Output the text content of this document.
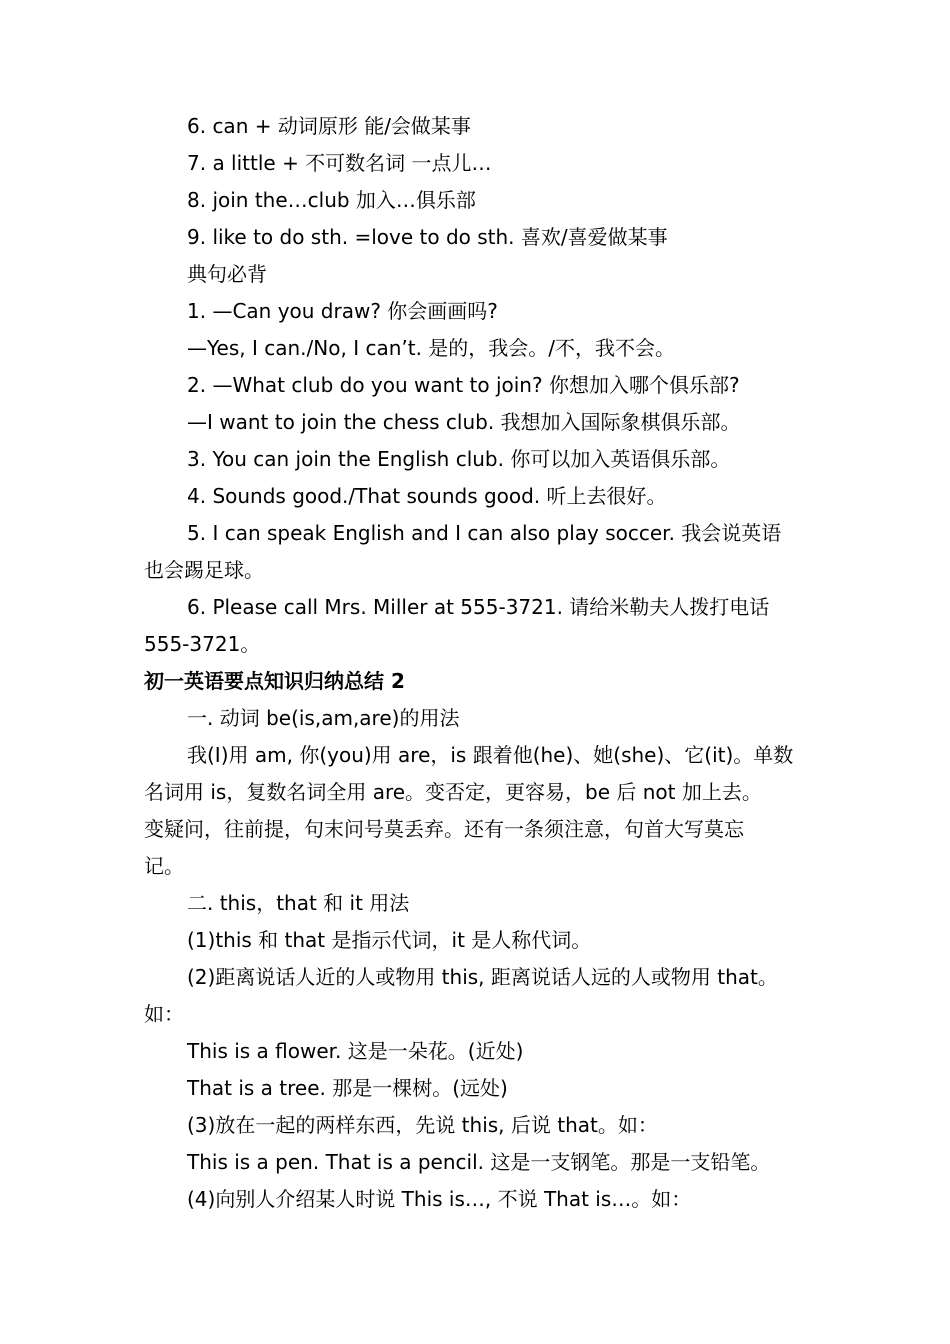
6. can + 动词原形 能/会做某事
7. a little + 不可数名词 一点儿…
8. join the…club 加入…俱乐部
9. like to do sth. =love to do sth. 喜欢/喜爱做某事
典句必背
1. —Can you draw? 你会画画吗?
—Yes, I can./No, I can’t. 是的，我会。/不，我不会。
2. —What club do you want to join? 你想加入哪个俱乐部?
—I want to join the chess club. 我想加入国际象棋俱乐部。
3. You can join the English club. 你可以加入英语俱乐部。
4. Sounds good./That sounds good. 听上去很好。
5. I can speak English and I can also play soccer. 我会说英语
也会踢足球。
6. Please call Mrs. Miller at 555-3721. 请给米勒夫人拨打电话
555-3721。
初一英语要点知识归纳总结 2
一. 动词 be(is,am,are)的用法
我(I)用 am, 你(you)用 are，is 跟着他(he)、她(she)、它(it)。单数
名词用 is，复数名词全用 are。变否定，更容易，be 后 not 加上去。
变疑问，往前提，句末问号莫丢弃。还有一条须注意，句首大写莫忘
记。
二. this，that 和 it 用法
(1)this 和 that 是指示代词，it 是人称代词。
(2)距离说话人近的人或物用 this, 距离说话人远的人或物用 that。
如：
This is a flower. 这是一朵花。(近处)
That is a tree. 那是一棵树。(远处)
(3)放在一起的两样东西，先说 this, 后说 that。如：
This is a pen. That is a pencil. 这是一支钢笔。那是一支铅笔。
(4)向别人介绍某人时说 This is…, 不说 That is…。如：
